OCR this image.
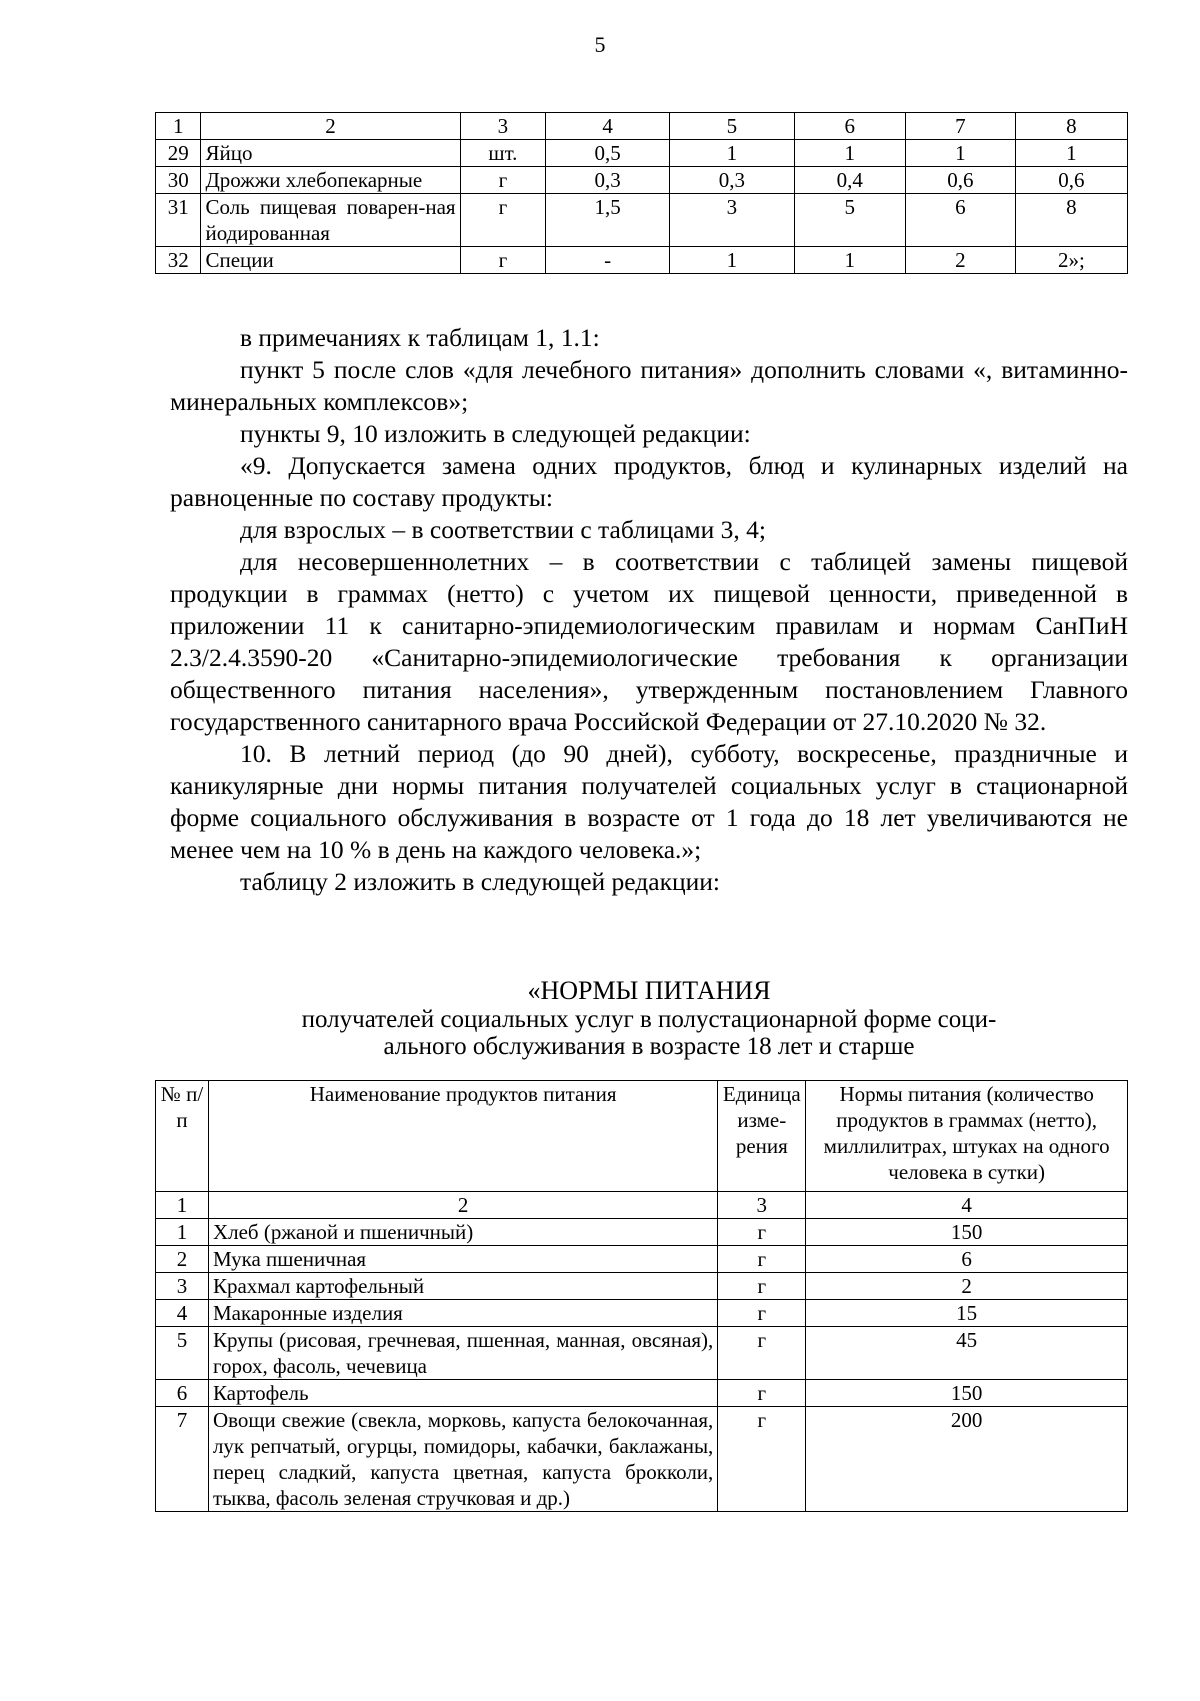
5
1	2	3	4	5	6	7	8
29	Яйцо	шт.	0,5	1	1	1	1
30	Дрожжи хлебопекарные	г	0,3	0,3	0,4	0,6	0,6
31	Соль пищевая поварен-ная йодированная	г	1,5	3	5	6	8
32	Специи	г	-	1	1	2	2»;

в примечаниях к таблицам 1, 1.1:

пункт 5 после слов «для лечебного питания» дополнить словами «, витаминно-минеральных комплексов»;

пункты 9, 10 изложить в следующей редакции:

«9. Допускается замена одних продуктов, блюд и кулинарных изделий на равноценные по составу продукты:

для взрослых – в соответствии с таблицами 3, 4;

для несовершеннолетних – в соответствии с таблицей замены пищевой продукции в граммах (нетто) с учетом их пищевой ценности, приведенной в приложении 11 к санитарно-эпидемиологическим правилам и нормам СанПиН 2.3/2.4.3590-20 «Санитарно-эпидемиологические требования к организации общественного питания населения», утвержденным постановлением Главного государственного санитарного врача Российской Федерации от 27.10.2020 № 32.

10. В летний период (до 90 дней), субботу, воскресенье, праздничные и каникулярные дни нормы питания получателей социальных услуг в стационарной форме социального обслуживания в возрасте от 1 года до 18 лет увеличиваются не менее чем на 10 % в день на каждого человека.»;

таблицу 2 изложить в следующей редакции:

«НОРМЫ ПИТАНИЯ
получателей социальных услуг в полустационарной форме соци-
ального обслуживания в возрасте 18 лет и старше
№ п/п	Наименование продуктов питания	Единица изме-рения	Нормы питания (количество продуктов в граммах (нетто), миллилитрах, штуках на одного человека в сутки)
1	2	3	4
1	Хлеб (ржаной и пшеничный)	г	150
2	Мука пшеничная	г	6
3	Крахмал картофельный	г	2
4	Макаронные изделия	г	15
5	Крупы (рисовая, гречневая, пшенная, манная, овсяная), горох, фасоль, чечевица	г	45
6	Картофель	г	150
7	Овощи свежие (свекла, морковь, капуста белокочанная, лук репчатый, огурцы, помидоры, кабачки, баклажаны, перец сладкий, капуста цветная, капуста брокколи, тыква, фасоль зеленая стручковая и др.)	г	200
